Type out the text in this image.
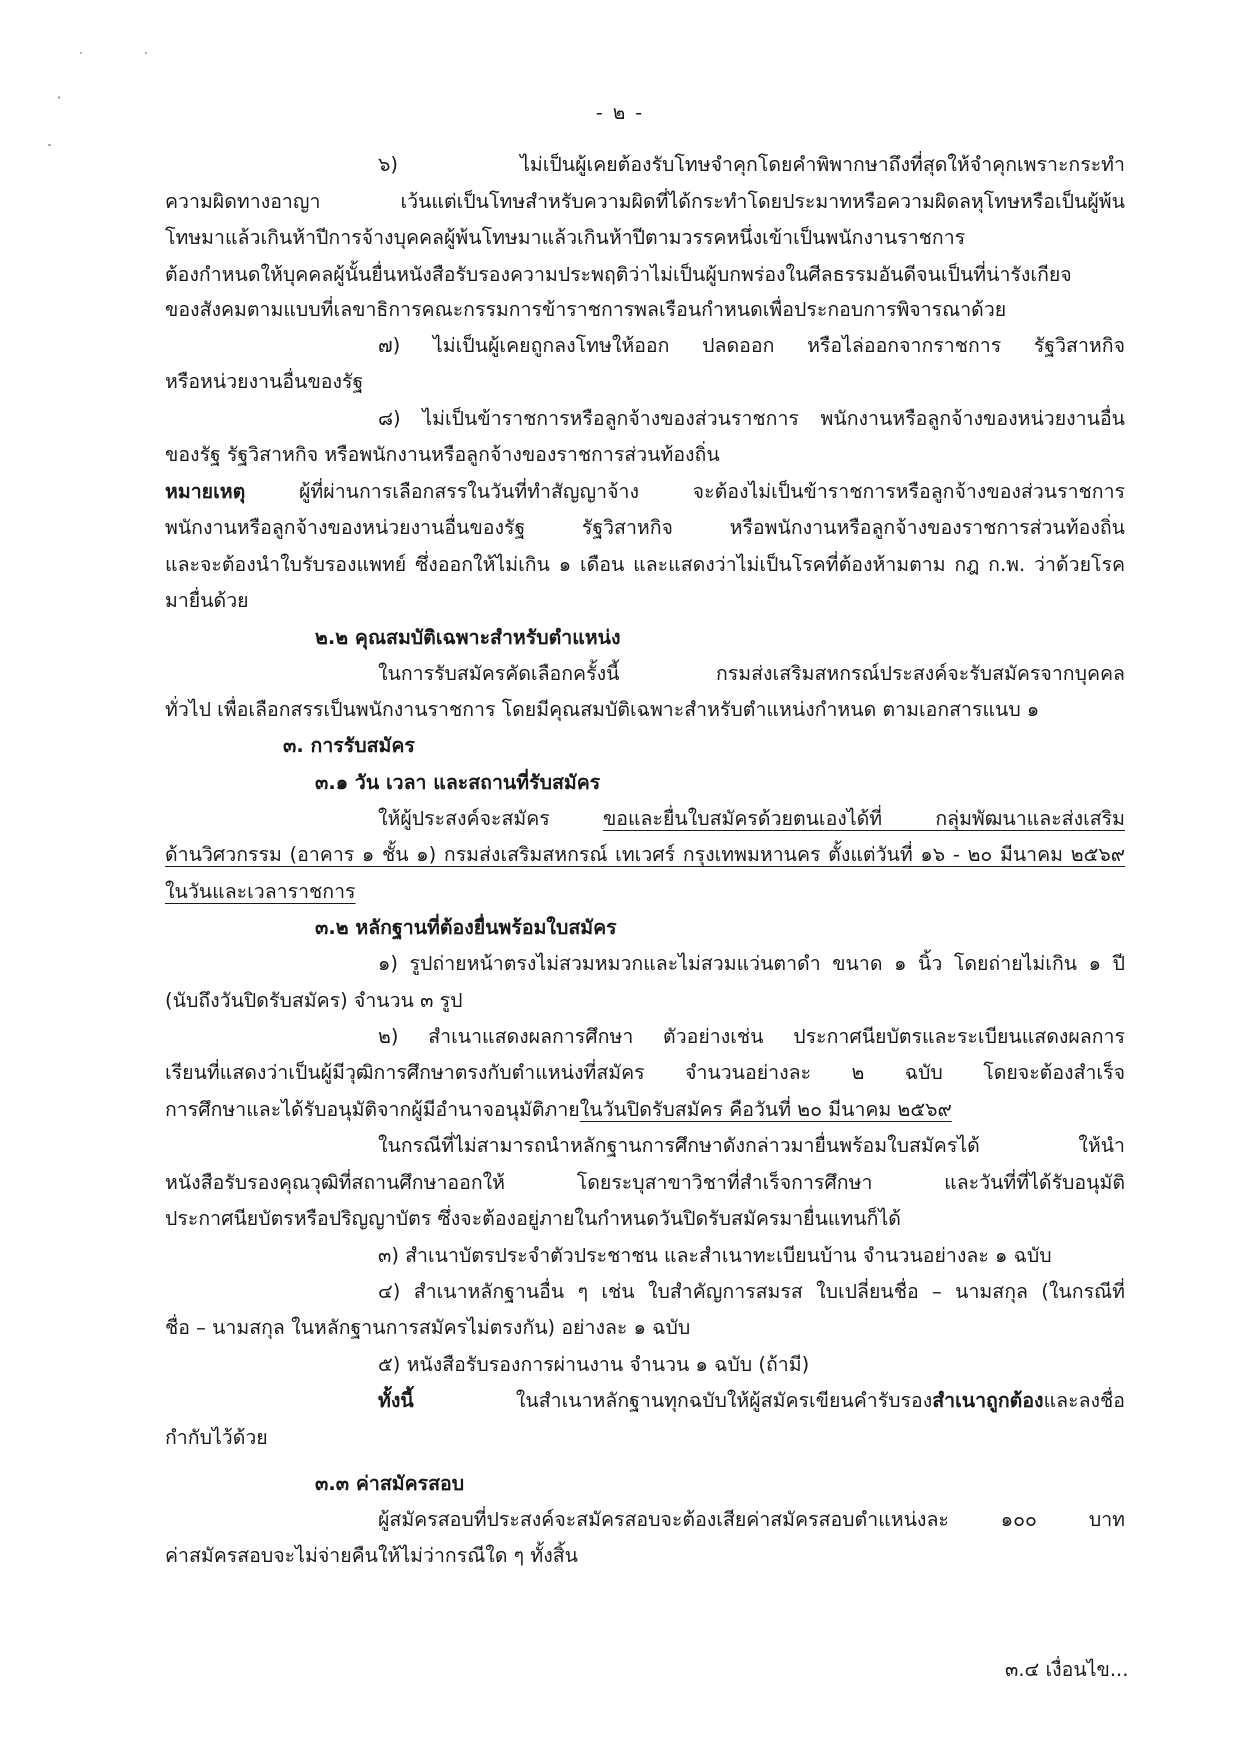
- ๒ -
๖) ไม่เป็นผู้เคยต้องรับโทษจำคุกโดยคำพิพากษาถึงที่สุดให้จำคุกเพราะกระทำ
ความผิดทางอาญา เว้นแต่เป็นโทษสำหรับความผิดที่ได้กระทำโดยประมาทหรือความผิดลหุโทษหรือเป็นผู้พ้น
โทษมาแล้วเกินห้าปีการจ้างบุคคลผู้พ้นโทษมาแล้วเกินห้าปีตามวรรคหนึ่งเข้าเป็นพนักงานราชการ
ต้องกำหนดให้บุคคลผู้นั้นยื่นหนังสือรับรองความประพฤติว่าไม่เป็นผู้บกพร่องในศีลธรรมอันดีจนเป็นที่น่ารังเกียจ
ของสังคมตามแบบที่เลขาธิการคณะกรรมการข้าราชการพลเรือนกำหนดเพื่อประกอบการพิจารณาด้วย
๗) ไม่เป็นผู้เคยถูกลงโทษให้ออก ปลดออก หรือไล่ออกจากราชการ รัฐวิสาหกิจ
หรือหน่วยงานอื่นของรัฐ
๘) ไม่เป็นข้าราชการหรือลูกจ้างของส่วนราชการ พนักงานหรือลูกจ้างของหน่วยงานอื่น
ของรัฐ รัฐวิสาหกิจ หรือพนักงานหรือลูกจ้างของราชการส่วนท้องถิ่น
หมายเหตุ ผู้ที่ผ่านการเลือกสรรในวันที่ทำสัญญาจ้าง จะต้องไม่เป็นข้าราชการหรือลูกจ้างของส่วนราชการ
พนักงานหรือลูกจ้างของหน่วยงานอื่นของรัฐ รัฐวิสาหกิจ หรือพนักงานหรือลูกจ้างของราชการส่วนท้องถิ่น
และจะต้องนำใบรับรองแพทย์ ซึ่งออกให้ไม่เกิน ๑ เดือน และแสดงว่าไม่เป็นโรคที่ต้องห้ามตาม กฎ ก.พ. ว่าด้วยโรค
มายื่นด้วย
๒.๒ คุณสมบัติเฉพาะสำหรับตำแหน่ง
ในการรับสมัครคัดเลือกครั้งนี้ กรมส่งเสริมสหกรณ์ประสงค์จะรับสมัครจากบุคคล
ทั่วไป เพื่อเลือกสรรเป็นพนักงานราชการ โดยมีคุณสมบัติเฉพาะสำหรับตำแหน่งกำหนด ตามเอกสารแนบ ๑
๓. การรับสมัคร
๓.๑ วัน เวลา และสถานที่รับสมัคร
ให้ผู้ประสงค์จะสมัคร ขอและยื่นใบสมัครด้วยตนเองได้ที่ กลุ่มพัฒนาและส่งเสริม
ด้านวิศวกรรม (อาคาร ๑ ชั้น ๑) กรมส่งเสริมสหกรณ์ เทเวศร์ กรุงเทพมหานคร ตั้งแต่วันที่ ๑๖ - ๒๐ มีนาคม ๒๕๖๙
ในวันและเวลาราชการ
๓.๒ หลักฐานที่ต้องยื่นพร้อมใบสมัคร
๑) รูปถ่ายหน้าตรงไม่สวมหมวกและไม่สวมแว่นตาดำ ขนาด ๑ นิ้ว โดยถ่ายไม่เกิน ๑ ปี
(นับถึงวันปิดรับสมัคร) จำนวน ๓ รูป
๒) สำเนาแสดงผลการศึกษา ตัวอย่างเช่น ประกาศนียบัตรและระเบียนแสดงผลการ
เรียนที่แสดงว่าเป็นผู้มีวุฒิการศึกษาตรงกับตำแหน่งที่สมัคร จำนวนอย่างละ ๒ ฉบับ โดยจะต้องสำเร็จ
การศึกษาและได้รับอนุมัติจากผู้มีอำนาจอนุมัติภายในวันปิดรับสมัคร คือวันที่ ๒๐ มีนาคม ๒๕๖๙
ในกรณีที่ไม่สามารถนำหลักฐานการศึกษาดังกล่าวมายื่นพร้อมใบสมัครได้ ให้นำ
หนังสือรับรองคุณวุฒิที่สถานศึกษาออกให้ โดยระบุสาขาวิชาที่สำเร็จการศึกษา และวันที่ที่ได้รับอนุมัติ
ประกาศนียบัตรหรือปริญญาบัตร ซึ่งจะต้องอยู่ภายในกำหนดวันปิดรับสมัครมายื่นแทนก็ได้
๓) สำเนาบัตรประจำตัวประชาชน และสำเนาทะเบียนบ้าน จำนวนอย่างละ ๑ ฉบับ
๔) สำเนาหลักฐานอื่น ๆ เช่น ใบสำคัญการสมรส ใบเปลี่ยนชื่อ – นามสกุล (ในกรณีที่
ชื่อ – นามสกุล ในหลักฐานการสมัครไม่ตรงกัน) อย่างละ ๑ ฉบับ
๕) หนังสือรับรองการผ่านงาน จำนวน ๑ ฉบับ (ถ้ามี)
ทั้งนี้ ในสำเนาหลักฐานทุกฉบับให้ผู้สมัครเขียนคำรับรองสำเนาถูกต้องและลงชื่อ
กำกับไว้ด้วย
๓.๓ ค่าสมัครสอบ
ผู้สมัครสอบที่ประสงค์จะสมัครสอบจะต้องเสียค่าสมัครสอบตำแหน่งละ ๑๐๐ บาท
ค่าสมัครสอบจะไม่จ่ายคืนให้ไม่ว่ากรณีใด ๆ ทั้งสิ้น
๓.๔ เงื่อนไข...
